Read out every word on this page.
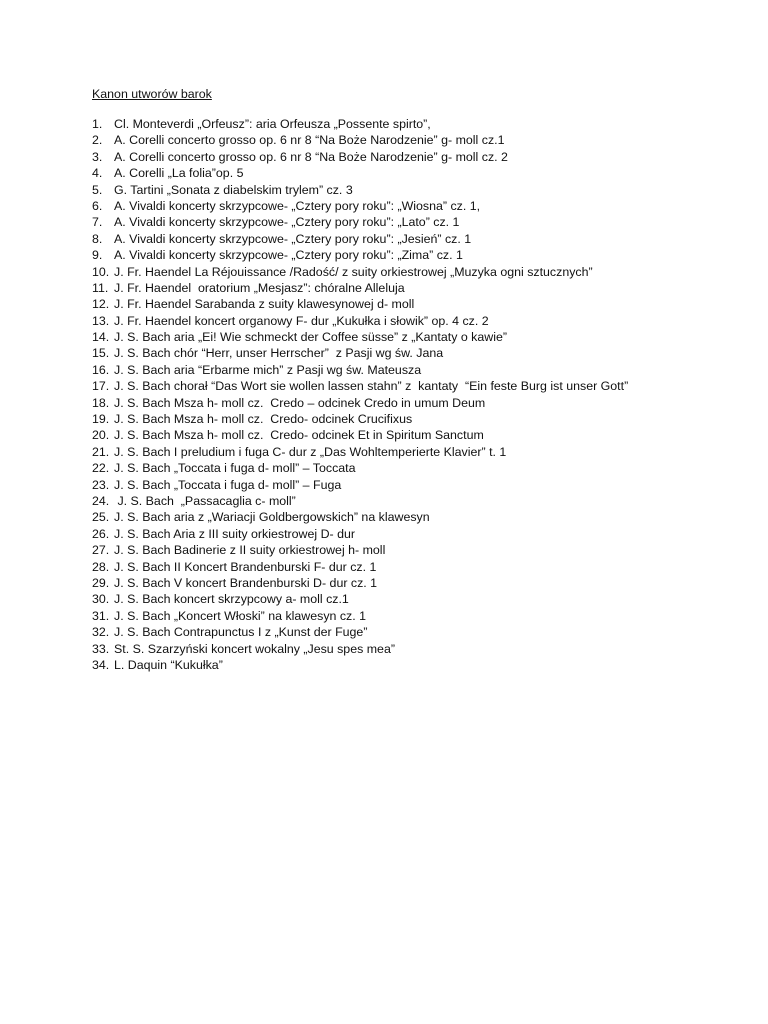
Kanon utworów barok
1. Cl. Monteverdi „Orfeusz”: aria Orfeusza „Possente spirto”,
2. A. Corelli concerto grosso op. 6 nr 8 “Na Boże Narodzenie” g- moll cz.1
3. A. Corelli concerto grosso op. 6 nr 8 “Na Boże Narodzenie” g- moll cz. 2
4. A. Corelli „La folia”op. 5
5. G. Tartini „Sonata z diabelskim trylem” cz. 3
6. A. Vivaldi koncerty skrzypcowe- „Cztery pory roku”: „Wiosna” cz. 1,
7. A. Vivaldi koncerty skrzypcowe- „Cztery pory roku”: „Lato” cz. 1
8. A. Vivaldi koncerty skrzypcowe- „Cztery pory roku”: „Jesień” cz. 1
9. A. Vivaldi koncerty skrzypcowe- „Cztery pory roku”: „Zima” cz. 1
10. J. Fr. Haendel La Réjouissance /Radość/ z suity orkiestrowej „Muzyka ogni sztucznych”
11. J. Fr. Haendel  oratorium „Mesjasz”: chóralne Alleluja
12. J. Fr. Haendel Sarabanda z suity klawesynowej d- moll
13. J. Fr. Haendel koncert organowy F- dur „Kukułka i słowik” op. 4 cz. 2
14. J. S. Bach aria „Ei! Wie schmeckt der Coffee süsse” z „Kantaty o kawie”
15. J. S. Bach chór “Herr, unser Herrscher”  z Pasji wg św. Jana
16. J. S. Bach aria “Erbarme mich” z Pasji wg św. Mateusza
17. J. S. Bach chorał “Das Wort sie wollen lassen stahn” z  kantaty  “Ein feste Burg ist unser Gott”
18. J. S. Bach Msza h- moll cz.  Credo – odcinek Credo in umum Deum
19. J. S. Bach Msza h- moll cz.  Credo- odcinek Crucifixus
20. J. S. Bach Msza h- moll cz.  Credo- odcinek Et in Spiritum Sanctum
21. J. S. Bach I preludium i fuga C- dur z „Das Wohltemperierte Klavier” t. 1
22. J. S. Bach „Toccata i fuga d- moll” – Toccata
23. J. S. Bach „Toccata i fuga d- moll” – Fuga
24. J. S. Bach  „Passacaglia c- moll”
25. J. S. Bach aria z „Wariacji Goldbergowskich” na klawesyn
26. J. S. Bach Aria z III suity orkiestrowej D- dur
27. J. S. Bach Badinerie z II suity orkiestrowej h- moll
28. J. S. Bach II Koncert Brandenburski F- dur cz. 1
29. J. S. Bach V koncert Brandenburski D- dur cz. 1
30. J. S. Bach koncert skrzypcowy a- moll cz.1
31. J. S. Bach „Koncert Włoski” na klawesyn cz. 1
32. J. S. Bach Contrapunctus I z „Kunst der Fuge”
33. St. S. Szarzyński koncert wokalny „Jesu spes mea”
34. L. Daquin “Kukułka”
